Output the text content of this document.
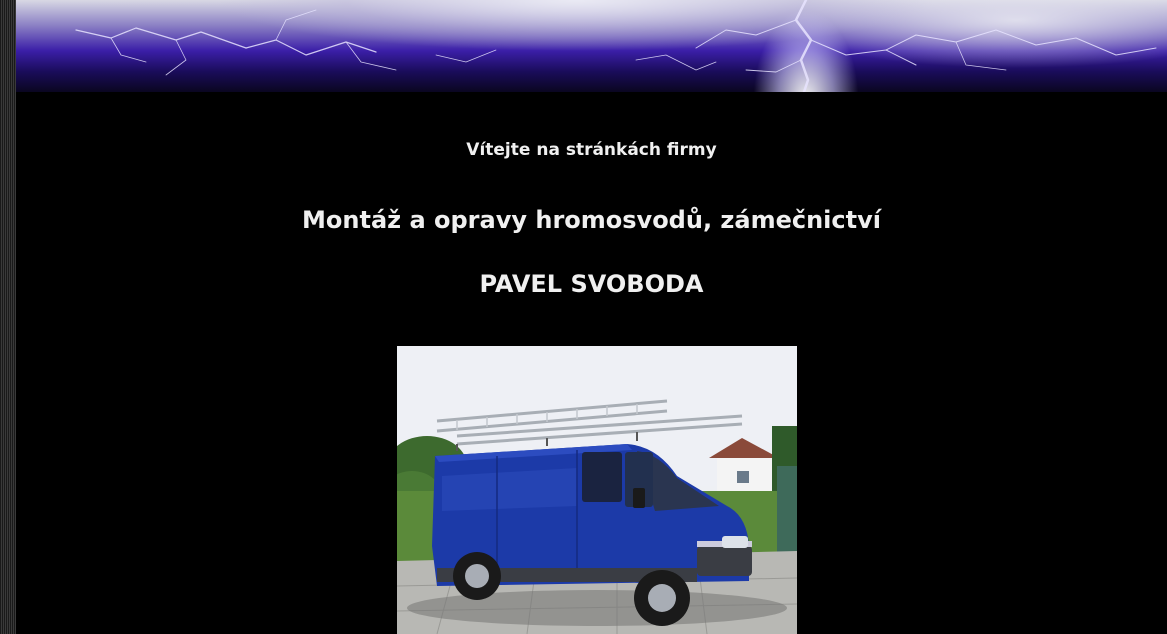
Vítejte na stránkách firmy

Montáž a opravy hromosvodů, zámečnictví

PAVEL SVOBODA
